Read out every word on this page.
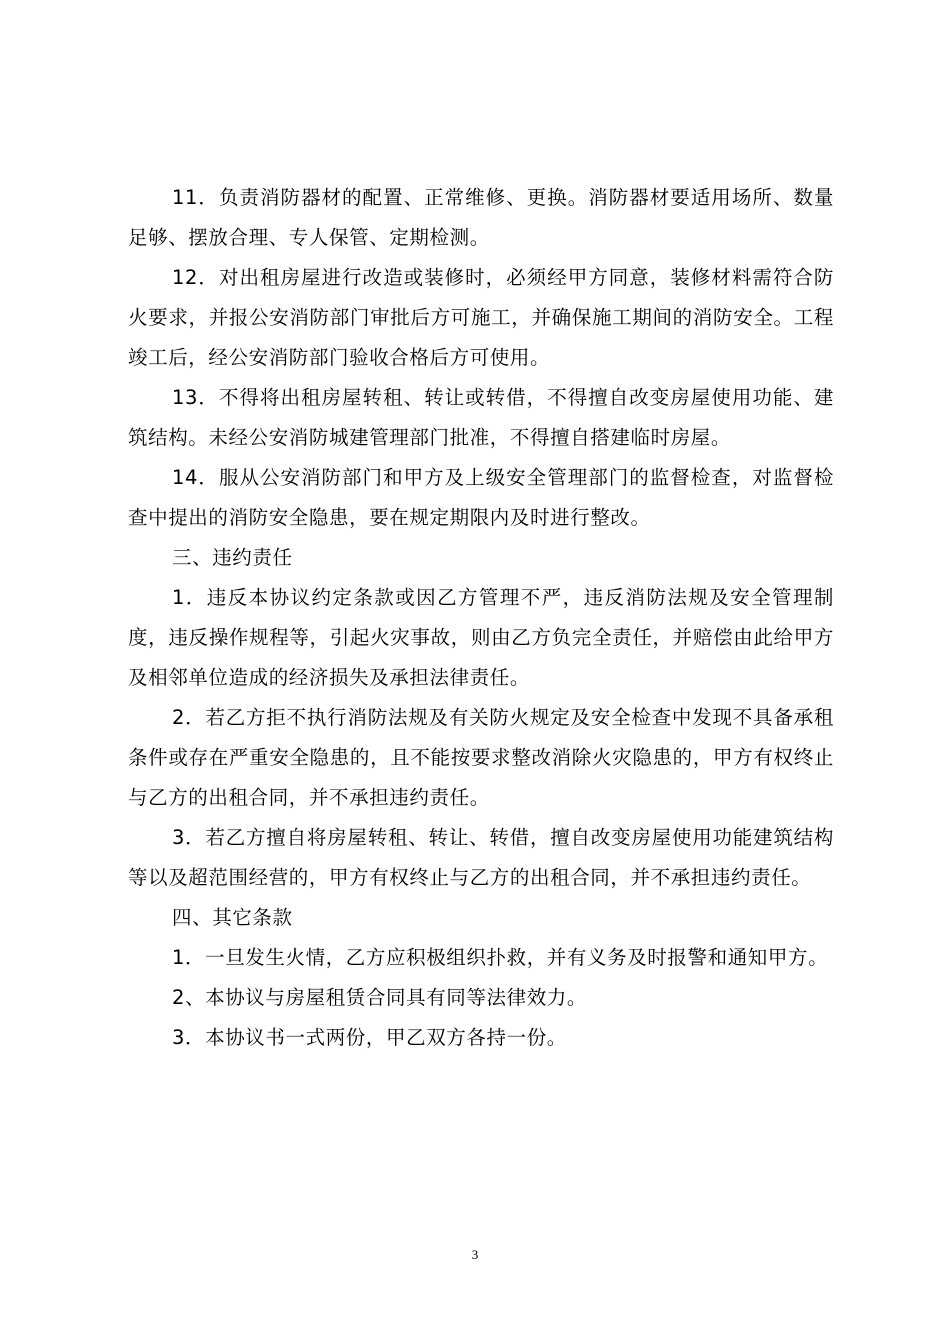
11．负责消防器材的配置、正常维修、更换。消防器材要适用场所、数量足够、摆放合理、专人保管、定期检测。

12．对出租房屋进行改造或装修时，必须经甲方同意，装修材料需符合防火要求，并报公安消防部门审批后方可施工，并确保施工期间的消防安全。工程竣工后，经公安消防部门验收合格后方可使用。

13．不得将出租房屋转租、转让或转借，不得擅自改变房屋使用功能、建筑结构。未经公安消防城建管理部门批准，不得擅自搭建临时房屋。

14．服从公安消防部门和甲方及上级安全管理部门的监督检查，对监督检查中提出的消防安全隐患，要在规定期限内及时进行整改。

三、违约责任

1．违反本协议约定条款或因乙方管理不严，违反消防法规及安全管理制度，违反操作规程等，引起火灾事故，则由乙方负完全责任，并赔偿由此给甲方及相邻单位造成的经济损失及承担法律责任。

2．若乙方拒不执行消防法规及有关防火规定及安全检查中发现不具备承租条件或存在严重安全隐患的，且不能按要求整改消除火灾隐患的，甲方有权终止与乙方的出租合同，并不承担违约责任。

3．若乙方擅自将房屋转租、转让、转借，擅自改变房屋使用功能建筑结构等以及超范围经营的，甲方有权终止与乙方的出租合同，并不承担违约责任。

四、其它条款

1．一旦发生火情，乙方应积极组织扑救，并有义务及时报警和通知甲方。

2、本协议与房屋租赁合同具有同等法律效力。

3．本协议书一式两份，甲乙双方各持一份。

3
